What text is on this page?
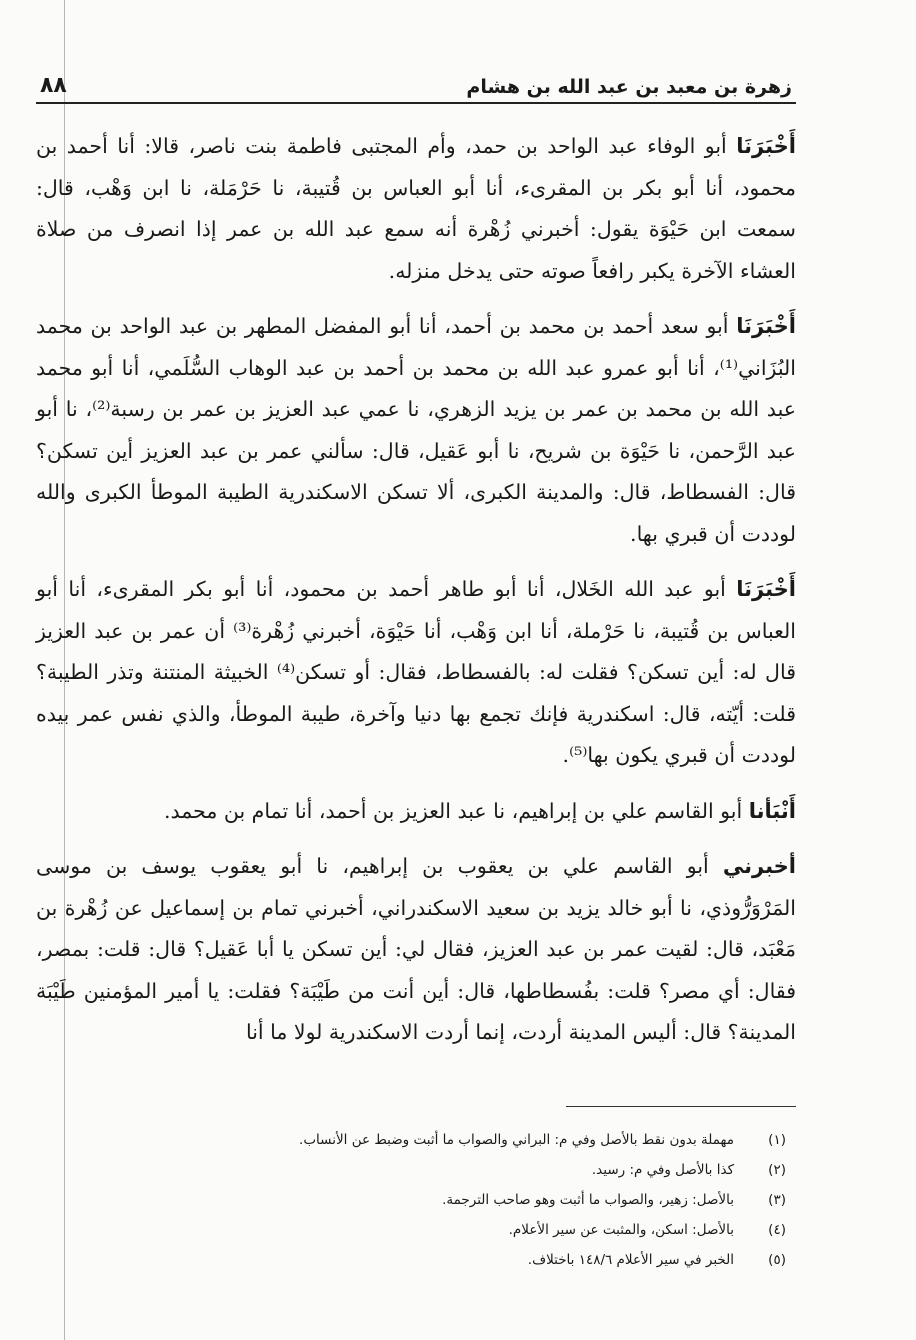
زهرة بن معبد بن عبد الله بن هشام
٨٨

أَخْبَرَنَا أبو الوفاء عبد الواحد بن حمد، وأم المجتبى فاطمة بنت ناصر، قالا: أنا أحمد بن محمود، أنا أبو بكر بن المقرىء، أنا أبو العباس بن قُتيبة، نا حَرْمَلة، نا ابن وَهْب، قال: سمعت ابن حَيْوَة يقول: أخبرني زُهْرة أنه سمع عبد الله بن عمر إذا انصرف من صلاة العشاء الآخرة يكبر رافعاً صوته حتى يدخل منزله.

أَخْبَرَنَا أبو سعد أحمد بن محمد بن أحمد، أنا أبو المفضل المطهر بن عبد الواحد بن محمد البُزَاني⁽¹⁾، أنا أبو عمرو عبد الله بن محمد بن أحمد بن عبد الوهاب السُّلَمي، أنا أبو محمد عبد الله بن محمد بن عمر بن يزيد الزهري، نا عمي عبد العزيز بن عمر بن رسبة⁽²⁾، نا أبو عبد الرَّحمن، نا حَيْوَة بن شريح، نا أبو عَقيل، قال: سألني عمر بن عبد العزيز أين تسكن؟ قال: الفسطاط، قال: والمدينة الكبرى، ألا تسكن الاسكندرية الطيبة الموطأ الكبرى والله لوددت أن قبري بها.

أَخْبَرَنَا أبو عبد الله الخَلال، أنا أبو طاهر أحمد بن محمود، أنا أبو بكر المقرىء، أنا أبو العباس بن قُتيبة، نا حَرْملة، أنا ابن وَهْب، أنا حَيْوَة، أخبرني زُهْرة⁽³⁾ أن عمر بن عبد العزيز قال له: أين تسكن؟ فقلت له: بالفسطاط، فقال: أو تسكن⁽⁴⁾ الخبيثة المنتنة وتذر الطيبة؟ قلت: أيّته، قال: اسكندرية فإنك تجمع بها دنيا وآخرة، طيبة الموطأ، والذي نفس عمر بيده لوددت أن قبري يكون بها⁽⁵⁾.

أَنْبَأنا أبو القاسم علي بن إبراهيم، نا عبد العزيز بن أحمد، أنا تمام بن محمد.

أخبرني أبو القاسم علي بن يعقوب بن إبراهيم، نا أبو يعقوب يوسف بن موسى المَرْوَرُّوذي، نا أبو خالد يزيد بن سعيد الاسكندراني، أخبرني تمام بن إسماعيل عن زُهْرة بن مَعْبَد، قال: لقيت عمر بن عبد العزيز، فقال لي: أين تسكن يا أبا عَقيل؟ قال: قلت: بمصر، فقال: أي مصر؟ قلت: بفُسطاطها، قال: أين أنت من طَيْبَة؟ فقلت: يا أمير المؤمنين طَيْبَة المدينة؟ قال: أليس المدينة أردت، إنما أردت الاسكندرية لولا ما أنا

(١)
مهملة بدون نقط بالأصل وفي م: البراني والصواب ما أثبت وضبط عن الأنساب.
(٢)
كذا بالأصل وفي م: رسيد.
(٣)
بالأصل: زهير، والصواب ما أثبت وهو صاحب الترجمة.
(٤)
بالأصل: اسكن، والمثبت عن سير الأعلام.
(٥)
الخبر في سير الأعلام ١٤٨/٦ باختلاف.
